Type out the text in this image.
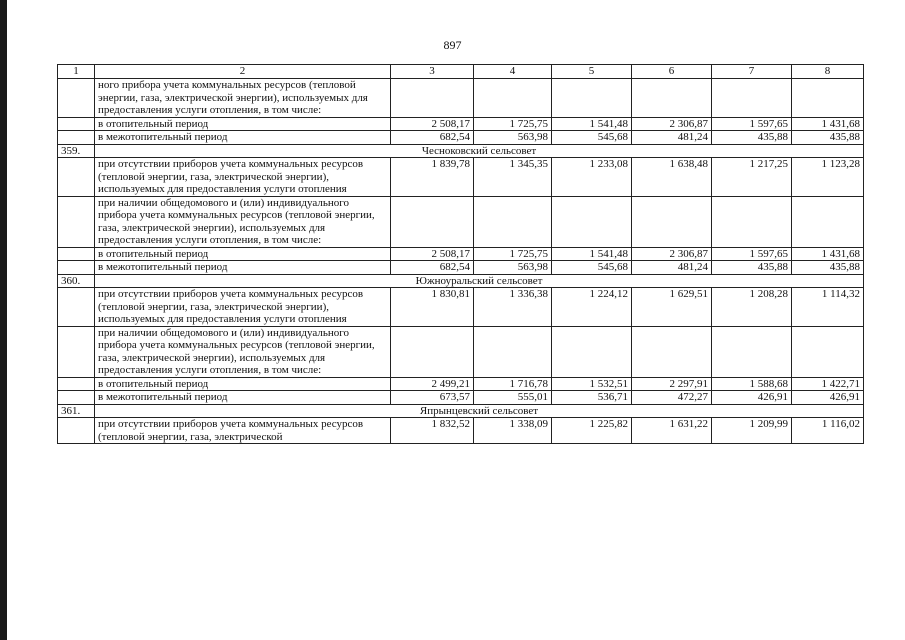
897
1	2	3	4	5	6	7	8
	ного прибора учета коммунальных ресурсов (тепловой энергии, газа, электрической энергии), используемых для предоставления услуги отопления, в том числе:						
	в отопительный период	2 508,17	1 725,75	1 541,48	2 306,87	1 597,65	1 431,68
	в межотопительный период	682,54	563,98	545,68	481,24	435,88	435,88
359.	Чесноковский сельсовет						
	при отсутствии приборов учета коммунальных ресурсов (тепловой энергии, газа, электрической энергии), используемых для предоставления услуги отопления	1 839,78	1 345,35	1 233,08	1 638,48	1 217,25	1 123,28
	при наличии общедомового и (или) индивидуального прибора учета коммунальных ресурсов (тепловой энергии, газа, электрической энергии), используемых для предоставления услуги отопления, в том числе:						
	в отопительный период	2 508,17	1 725,75	1 541,48	2 306,87	1 597,65	1 431,68
	в межотопительный период	682,54	563,98	545,68	481,24	435,88	435,88
360.	Южноуральский сельсовет						
	при отсутствии приборов учета коммунальных ресурсов (тепловой энергии, газа, электрической энергии), используемых для предоставления услуги отопления	1 830,81	1 336,38	1 224,12	1 629,51	1 208,28	1 114,32
	при наличии общедомового и (или) индивидуального прибора учета коммунальных ресурсов (тепловой энергии, газа, электрической энергии), используемых для предоставления услуги отопления, в том числе:						
	в отопительный период	2 499,21	1 716,78	1 532,51	2 297,91	1 588,68	1 422,71
	в межотопительный период	673,57	555,01	536,71	472,27	426,91	426,91
361.	Япрынцевский сельсовет						
	при отсутствии приборов учета коммунальных ресурсов (тепловой энергии, газа, электрической	1 832,52	1 338,09	1 225,82	1 631,22	1 209,99	1 116,02
